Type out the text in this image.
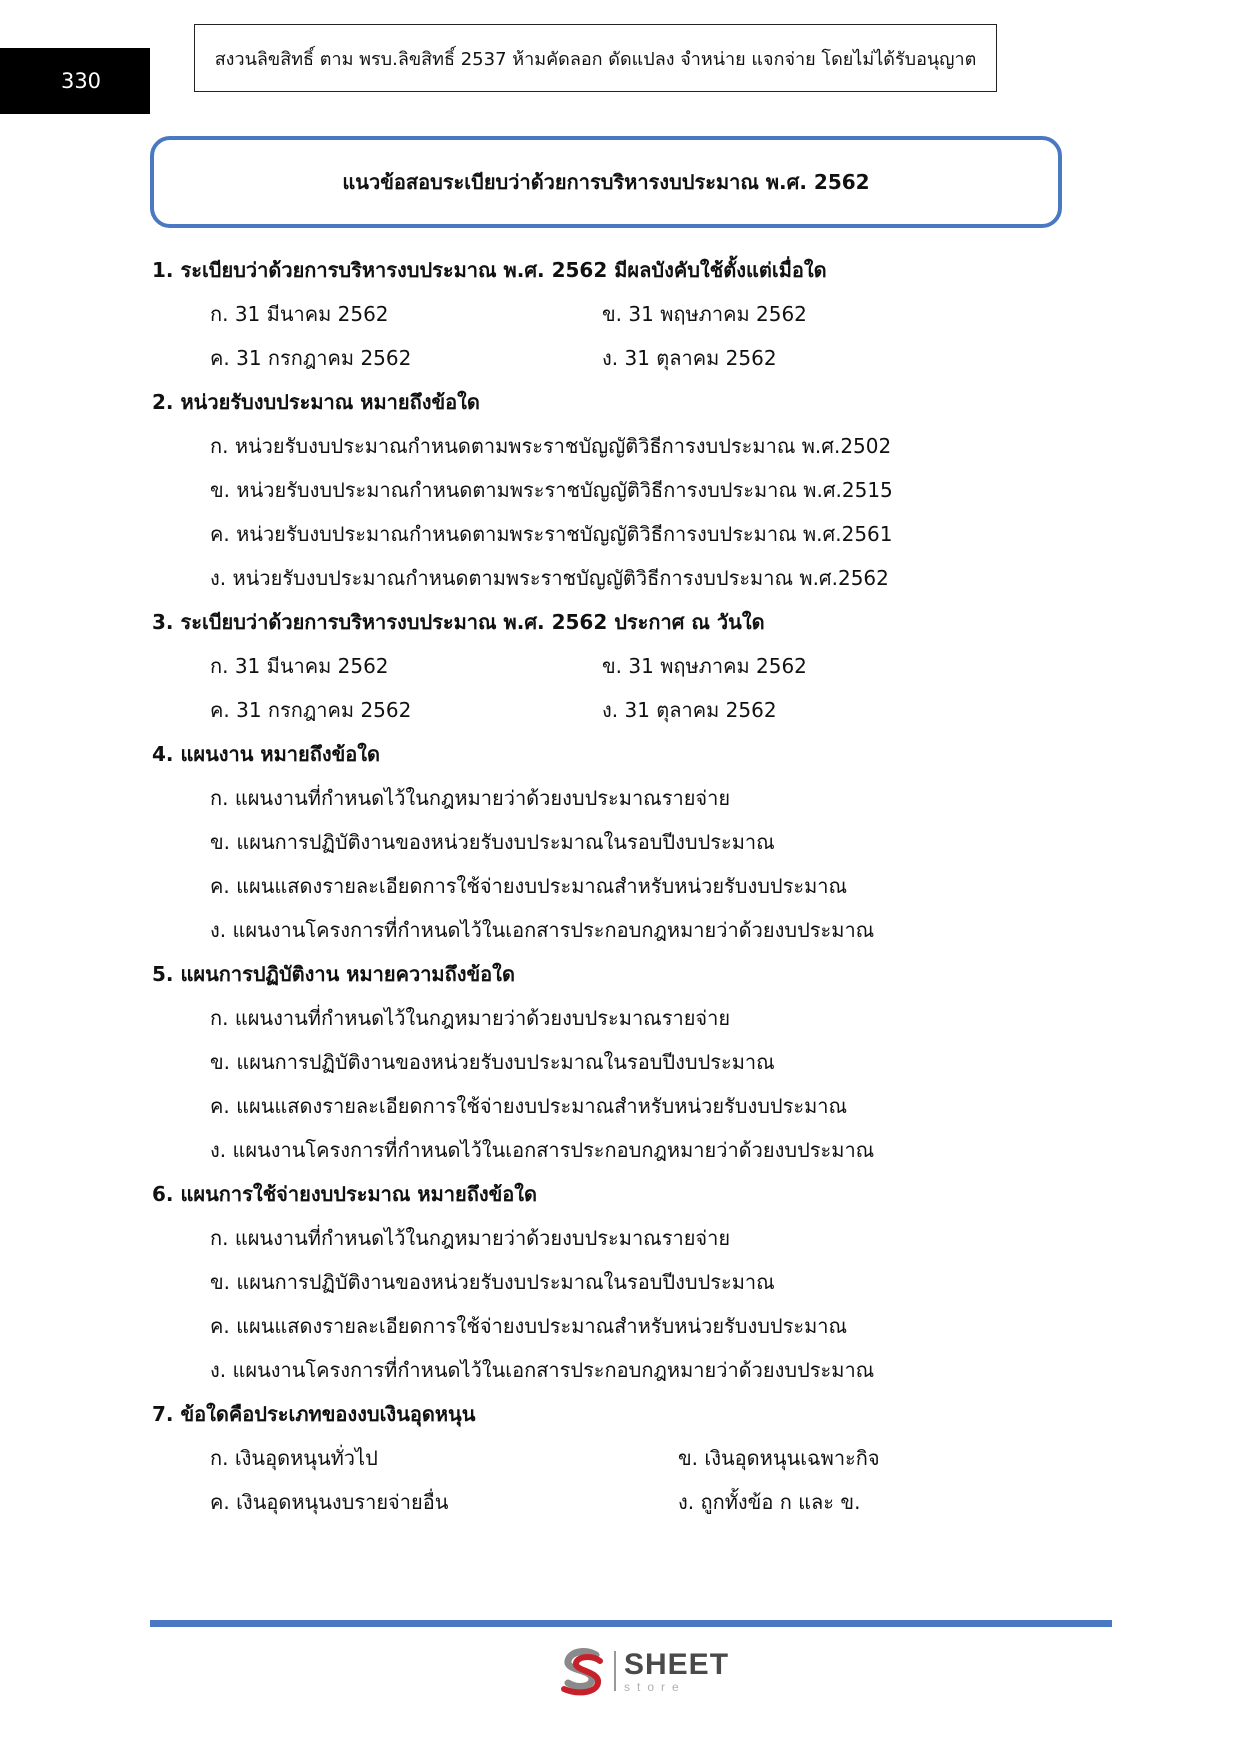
330
สงวนลิขสิทธิ์ ตาม พรบ.ลิขสิทธิ์ 2537 ห้ามคัดลอก ดัดแปลง จำหน่าย แจกจ่าย โดยไม่ได้รับอนุญาต
แนวข้อสอบระเบียบว่าด้วยการบริหารงบประมาณ พ.ศ. 2562
1. ระเบียบว่าด้วยการบริหารงบประมาณ พ.ศ. 2562 มีผลบังคับใช้ตั้งแต่เมื่อใด
ก. 31 มีนาคม 2562	ข. 31 พฤษภาคม 2562
ค. 31 กรกฎาคม 2562	ง. 31 ตุลาคม 2562
2. หน่วยรับงบประมาณ หมายถึงข้อใด
ก. หน่วยรับงบประมาณกำหนดตามพระราชบัญญัติวิธีการงบประมาณ พ.ศ.2502
ข. หน่วยรับงบประมาณกำหนดตามพระราชบัญญัติวิธีการงบประมาณ พ.ศ.2515
ค. หน่วยรับงบประมาณกำหนดตามพระราชบัญญัติวิธีการงบประมาณ พ.ศ.2561
ง. หน่วยรับงบประมาณกำหนดตามพระราชบัญญัติวิธีการงบประมาณ พ.ศ.2562
3. ระเบียบว่าด้วยการบริหารงบประมาณ พ.ศ. 2562 ประกาศ ณ วันใด
ก. 31 มีนาคม 2562	ข. 31 พฤษภาคม 2562
ค. 31 กรกฎาคม 2562	ง. 31 ตุลาคม 2562
4. แผนงาน หมายถึงข้อใด
ก. แผนงานที่กำหนดไว้ในกฎหมายว่าด้วยงบประมาณรายจ่าย
ข. แผนการปฏิบัติงานของหน่วยรับงบประมาณในรอบปีงบประมาณ
ค. แผนแสดงรายละเอียดการใช้จ่ายงบประมาณสำหรับหน่วยรับงบประมาณ
ง. แผนงานโครงการที่กำหนดไว้ในเอกสารประกอบกฎหมายว่าด้วยงบประมาณ
5. แผนการปฏิบัติงาน หมายความถึงข้อใด
ก. แผนงานที่กำหนดไว้ในกฎหมายว่าด้วยงบประมาณรายจ่าย
ข. แผนการปฏิบัติงานของหน่วยรับงบประมาณในรอบปีงบประมาณ
ค. แผนแสดงรายละเอียดการใช้จ่ายงบประมาณสำหรับหน่วยรับงบประมาณ
ง. แผนงานโครงการที่กำหนดไว้ในเอกสารประกอบกฎหมายว่าด้วยงบประมาณ
6. แผนการใช้จ่ายงบประมาณ หมายถึงข้อใด
ก. แผนงานที่กำหนดไว้ในกฎหมายว่าด้วยงบประมาณรายจ่าย
ข. แผนการปฏิบัติงานของหน่วยรับงบประมาณในรอบปีงบประมาณ
ค. แผนแสดงรายละเอียดการใช้จ่ายงบประมาณสำหรับหน่วยรับงบประมาณ
ง. แผนงานโครงการที่กำหนดไว้ในเอกสารประกอบกฎหมายว่าด้วยงบประมาณ
7. ข้อใดคือประเภทของงบเงินอุดหนุน
ก. เงินอุดหนุนทั่วไป	ข. เงินอุดหนุนเฉพาะกิจ
ค. เงินอุดหนุนงบรายจ่ายอื่น	ง. ถูกทั้งข้อ ก และ ข.
SHEET
store
